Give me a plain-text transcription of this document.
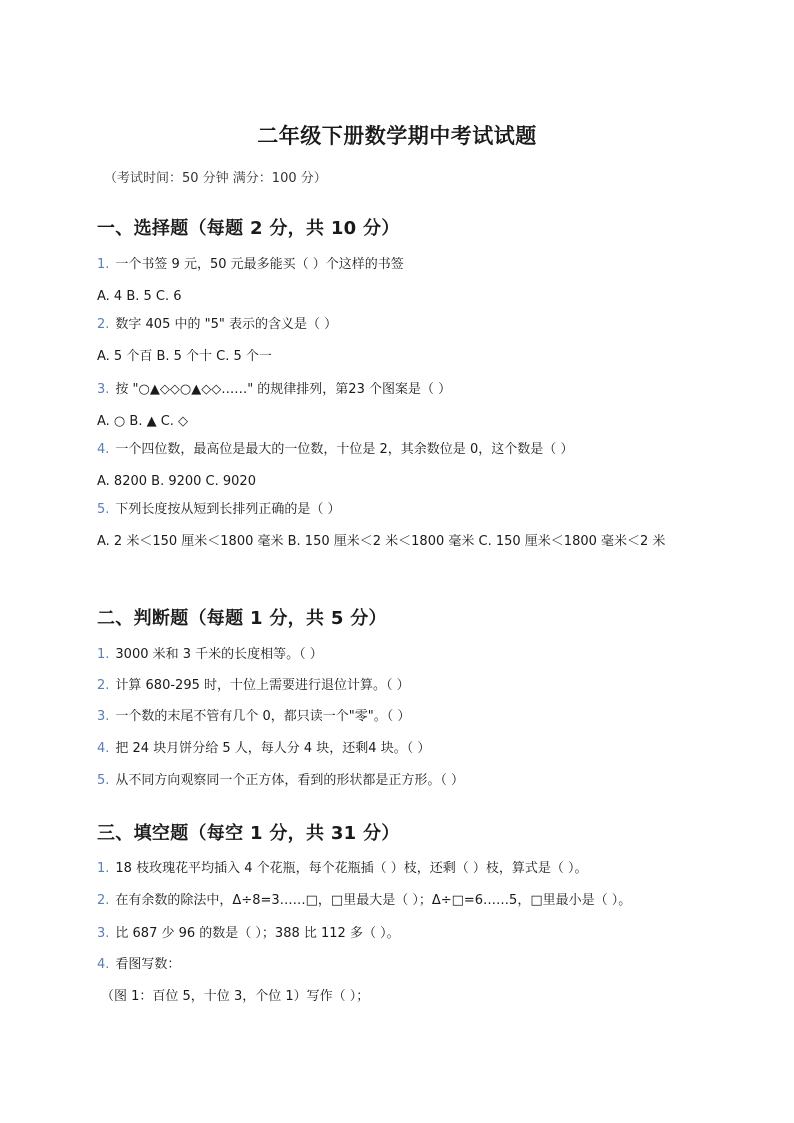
二年级下册数学期中考试试题
（考试时间：50 分钟 满分：100 分）
一、选择题（每题 2 分，共 10 分）
1. 一个书签 9 元，50 元最多能买（ ）个这样的书签
A. 4 B. 5 C. 6
2. 数字 405 中的 "5" 表示的含义是（ ）
A. 5 个百 B. 5 个十 C. 5 个一
3. 按 "○▲◇◇○▲◇◇……" 的规律排列，第23 个图案是（ ）
A. ○ B. ▲ C. ◇
4. 一个四位数，最高位是最大的一位数，十位是 2，其余数位是 0，这个数是（ ）
A. 8200 B. 9200 C. 9020
5. 下列长度按从短到长排列正确的是（ ）
A. 2 米＜150 厘米＜1800 毫米 B. 150 厘米＜2 米＜1800 毫米 C. 150 厘米＜1800 毫米＜2 米
二、判断题（每题 1 分，共 5 分）
1. 3000 米和 3 千米的长度相等。（ ）
2. 计算 680-295 时，十位上需要进行退位计算。（ ）
3. 一个数的末尾不管有几个 0，都只读一个"零"。（ ）
4. 把 24 块月饼分给 5 人，每人分 4 块，还剩4 块。（ ）
5. 从不同方向观察同一个正方体，看到的形状都是正方形。（ ）
三、填空题（每空 1 分，共 31 分）
1. 18 枝玫瑰花平均插入 4 个花瓶，每个花瓶插（ ）枝，还剩（ ）枝，算式是（ ）。
2. 在有余数的除法中，Δ÷8=3……□，□里最大是（ ）；Δ÷□=6……5，□里最小是（ ）。
3. 比 687 少 96 的数是（ ）；388 比 112 多（ ）。
4. 看图写数：
（图 1：百位 5，十位 3，个位 1）写作（ ）；
